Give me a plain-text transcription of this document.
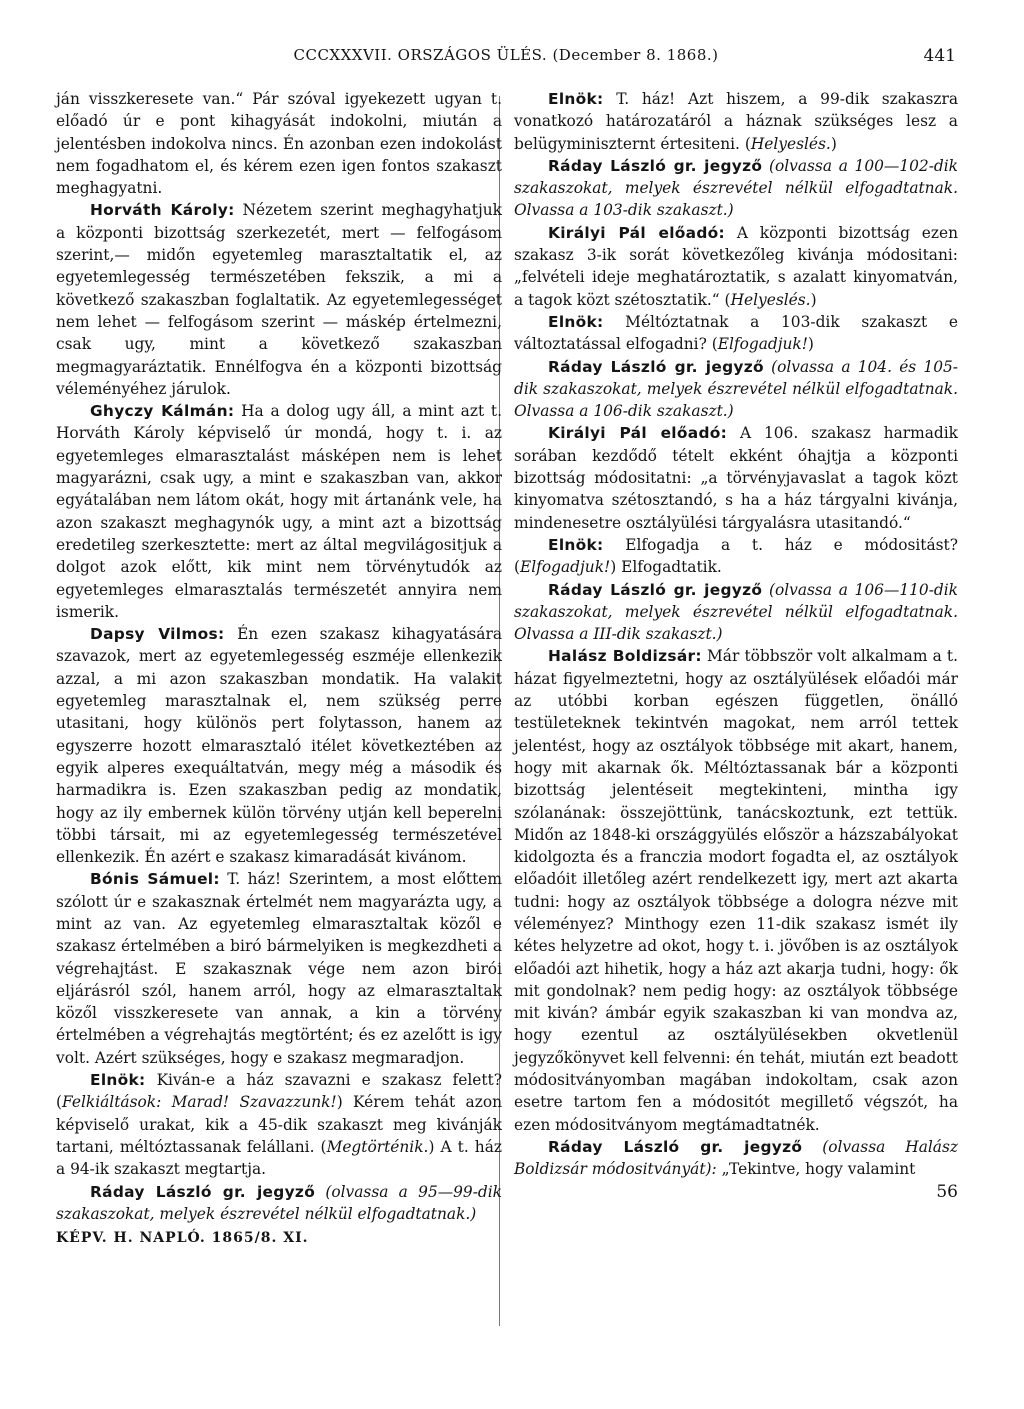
CCCXXXVII. ORSZÁGOS ÜLÉS. (December 8. 1868.)	441

ján visszkeresete van.“ Pár szóval igyekezett ugyan t. előadó úr e pont kihagyását indokolni, miután a jelentésben indokolva nincs. Én azonban ezen indokolást nem fogadhatom el, és kérem ezen igen fontos szakaszt meghagyatni.

Horváth Károly: Nézetem szerint meghagyhatjuk a központi bizottság szerkezetét, mert — felfogásom szerint,— midőn egyetemleg marasztaltatik el, az egyetemlegesség természetében fekszik, a mi a következő szakaszban foglaltatik. Az egyetemlegességet nem lehet — felfogásom szerint — máskép értelmezni, csak ugy, mint a következő szakaszban megmagyaráztatik. Ennélfogva én a központi bizottság véleményéhez járulok.

Ghyczy Kálmán: Ha a dolog ugy áll, a mint azt t. Horváth Károly képviselő úr mondá, hogy t. i. az egyetemleges elmarasztalást másképen nem is lehet magyarázni, csak ugy, a mint e szakaszban van, akkor egyátalában nem látom okát, hogy mit ártanánk vele, ha azon szakaszt meghagynók ugy, a mint azt a bizottság eredetileg szerkesztette: mert az által megvilágositjuk a dolgot azok előtt, kik mint nem törvénytudók az egyetemleges elmarasztalás természetét annyira nem ismerik.

Dapsy Vilmos: Én ezen szakasz kihagyatására szavazok, mert az egyetemlegesség eszméje ellenkezik azzal, a mi azon szakaszban mondatik. Ha valakit egyetemleg marasztalnak el, nem szükség perre utasitani, hogy különös pert folytasson, hanem az egyszerre hozott elmarasztaló itélet következtében az egyik alperes exequáltatván, megy még a második és harmadikra is. Ezen szakaszban pedig az mondatik, hogy az ily embernek külön törvény utján kell beperelni többi társait, mi az egyetemlegesség természetével ellenkezik. Én azért e szakasz kimaradását kivánom.

Bónis Sámuel: T. ház! Szerintem, a most előttem szólott úr e szakasznak értelmét nem magyarázta ugy, a mint az van. Az egyetemleg elmarasztaltak közől e szakasz értelmében a biró bármelyiken is megkezdheti a végrehajtást. E szakasznak vége nem azon birói eljárásról szól, hanem arról, hogy az elmarasztaltak közől visszkeresete van annak, a kin a törvény értelmében a végrehajtás megtörtént; és ez azelőtt is igy volt. Azért szükséges, hogy e szakasz megmaradjon.

Elnök: Kiván-e a ház szavazni e szakasz felett? (Felkiáltások: Marad! Szavazzunk!) Kérem tehát azon képviselő urakat, kik a 45-dik szakaszt meg kivánják tartani, méltóztassanak felállani. (Megtörténik.) A t. ház a 94-ik szakaszt megtartja.

Ráday László gr. jegyző (olvassa a 95—99-dik szakaszokat, melyek észrevétel nélkül elfogadtatnak.)

KÉPV. H. NAPLÓ. 1865/8. XI.

Elnök: T. ház! Azt hiszem, a 99-dik szakaszra vonatkozó határozatáról a háznak szükséges lesz a belügyminiszternt értesiteni. (Helyeslés.)

Ráday László gr. jegyző (olvassa a 100—102-dik szakaszokat, melyek észrevétel nélkül elfogadtatnak. Olvassa a 103-dik szakaszt.)

Királyi Pál előadó: A központi bizottság ezen szakasz 3-ik sorát következőleg kivánja módositani: „felvételi ideje meghatároztatik, s azalatt kinyomatván, a tagok közt szétosztatik.“ (Helyeslés.)

Elnök: Méltóztatnak a 103-dik szakaszt e változtatással elfogadni? (Elfogadjuk!)

Ráday László gr. jegyző (olvassa a 104. és 105-dik szakaszokat, melyek észrevétel nélkül elfogadtatnak. Olvassa a 106-dik szakaszt.)

Királyi Pál előadó: A 106. szakasz harmadik sorában kezdődő tételt ekként óhajtja a központi bizottság módositatni: „a törvényjavaslat a tagok közt kinyomatva szétosztandó, s ha a ház tárgyalni kivánja, mindenesetre osztályülési tárgyalásra utasitandó.“

Elnök: Elfogadja a t. ház e módositást? (Elfogadjuk!) Elfogadtatik.

Ráday László gr. jegyző (olvassa a 106—110-dik szakaszokat, melyek észrevétel nélkül elfogadtatnak. Olvassa a III-dik szakaszt.)

Halász Boldizsár: Már többször volt alkalmam a t. házat figyelmeztetni, hogy az osztályülések előadói már az utóbbi korban egészen független, önálló testületeknek tekintvén magokat, nem arról tettek jelentést, hogy az osztályok többsége mit akart, hanem, hogy mit akarnak ők. Méltóztassanak bár a központi bizottság jelentéseit megtekinteni, mintha igy szólanának: összejöttünk, tanácskoztunk, ezt tettük. Midőn az 1848-ki országgyülés először a házszabályokat kidolgozta és a franczia modort fogadta el, az osztályok előadóit illetőleg azért rendelkezett igy, mert azt akarta tudni: hogy az osztályok többsége a dologra nézve mit véleményez? Minthogy ezen 11-dik szakasz ismét ily kétes helyzetre ad okot, hogy t. i. jövőben is az osztályok előadói azt hihetik, hogy a ház azt akarja tudni, hogy: ők mit gondolnak? nem pedig hogy: az osztályok többsége mit kiván? ámbár egyik szakaszban ki van mondva az, hogy ezentul az osztályülésekben okvetlenül jegyzőkönyvet kell felvenni: én tehát, miután ezt beadott módositványomban magában indokoltam, csak azon esetre tartom fen a módositót megillető végszót, ha ezen módositványom megtámadtatnék.

Ráday László gr. jegyző (olvassa Halász Boldizsár módositványát): „Tekintve, hogy valamint

56
